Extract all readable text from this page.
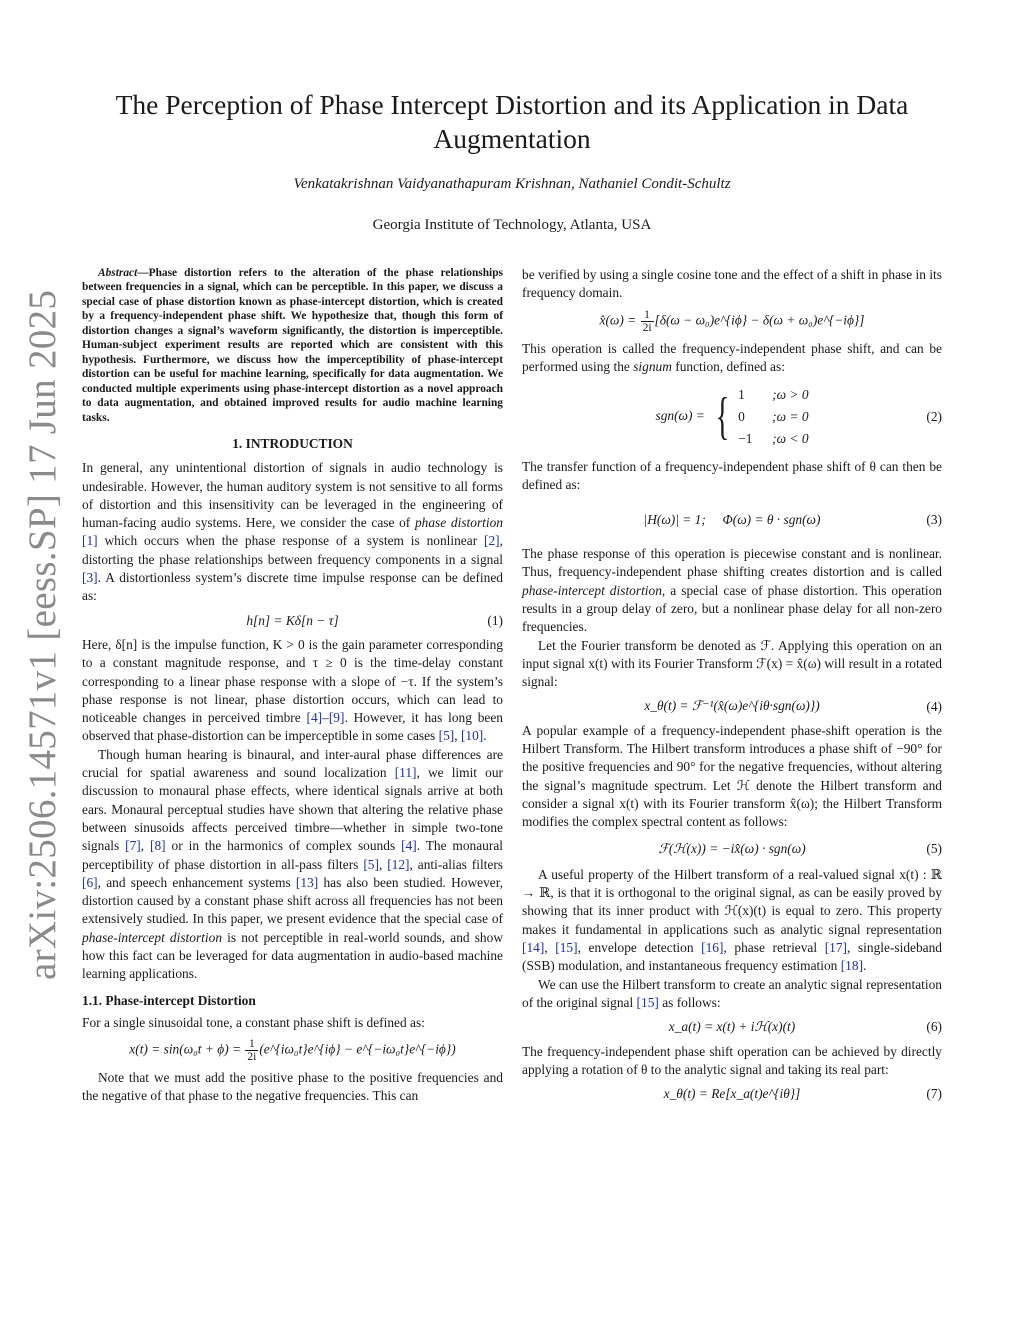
arXiv:2506.14571v1 [eess.SP] 17 Jun 2025
The Perception of Phase Intercept Distortion and its Application in Data Augmentation
Venkatakrishnan Vaidyanathapuram Krishnan, Nathaniel Condit-Schultz
Georgia Institute of Technology, Atlanta, USA

Abstract—Phase distortion refers to the alteration of the phase relationships between frequencies in a signal, which can be perceptible. In this paper, we discuss a special case of phase distortion known as phase-intercept distortion, which is created by a frequency-independent phase shift. We hypothesize that, though this form of distortion changes a signal’s waveform significantly, the distortion is imperceptible. Human-subject experiment results are reported which are consistent with this hypothesis. Furthermore, we discuss how the imperceptibility of phase-intercept distortion can be useful for machine learning, specifically for data augmentation. We conducted multiple experiments using phase-intercept distortion as a novel approach to data augmentation, and obtained improved results for audio machine learning tasks.

1. INTRODUCTION

In general, any unintentional distortion of signals in audio technology is undesirable. However, the human auditory system is not sensitive to all forms of distortion and this insensitivity can be leveraged in the engineering of human-facing audio systems. Here, we consider the case of phase distortion [1] which occurs when the phase response of a system is nonlinear [2], distorting the phase relationships between frequency components in a signal [3]. A distortionless system’s discrete time impulse response can be defined as:

h[n] = Kδ[n − τ]	(1)

Here, δ[n] is the impulse function, K > 0 is the gain parameter corresponding to a constant magnitude response, and τ ≥ 0 is the time-delay constant corresponding to a linear phase response with a slope of −τ. If the system’s phase response is not linear, phase distortion occurs, which can lead to noticeable changes in perceived timbre [4]–[9]. However, it has long been observed that phase-distortion can be imperceptible in some cases [5], [10].

Though human hearing is binaural, and inter-aural phase differences are crucial for spatial awareness and sound localization [11], we limit our discussion to monaural phase effects, where identical signals arrive at both ears. Monaural perceptual studies have shown that altering the relative phase between sinusoids affects perceived timbre—whether in simple two-tone signals [7], [8] or in the harmonics of complex sounds [4]. The monaural perceptibility of phase distortion in all-pass filters [5], [12], anti-alias filters [6], and speech enhancement systems [13] has also been studied. However, distortion caused by a constant phase shift across all frequencies has not been extensively studied. In this paper, we present evidence that the special case of phase-intercept distortion is not perceptible in real-world sounds, and show how this fact can be leveraged for data augmentation in audio-based machine learning applications.

1.1. Phase-intercept Distortion

For a single sinusoidal tone, a constant phase shift is defined as:

$x(t) = \sin(\omega_0t + \phi) = \frac{1}{2i}$ (e^{iω₀t}e^{iϕ} − e^{−iω₀t}e^{−iϕ})

Note that we must add the positive phase to the positive frequencies and the negative of that phase to the negative frequencies. This can

be verified by using a single cosine tone and the effect of a shift in phase in its frequency domain.

x̂(ω) = $\frac{1}{2i} [\delta(\omega$ − ω₀)e^{iϕ} − δ(ω + ω₀)e^{−iϕ}]

This operation is called the frequency-independent phase shift, and can be performed using the signum function, defined as:

sgn(ω) = { 1 ;ω > 0
0 ;ω = 0
−1 ;ω < 0
(2)

The transfer function of a frequency-independent phase shift of θ can then be defined as:

|H(ω)| = 1;     Φ(ω) = θ · sgn(ω)	(3)

The phase response of this operation is piecewise constant and is nonlinear. Thus, frequency-independent phase shifting creates distortion and is called phase-intercept distortion, a special case of phase distortion. This operation results in a group delay of zero, but a nonlinear phase delay for all non-zero frequencies.

Let the Fourier transform be denoted as ℱ. Applying this operation on an input signal x(t) with its Fourier Transform ℱ(x) = x̂(ω) will result in a rotated signal:

x_θ(t) = ℱ⁻¹(x̂(ω)e^{iθ·sgn(ω)})	(4)

A popular example of a frequency-independent phase-shift operation is the Hilbert Transform. The Hilbert transform introduces a phase shift of −90° for the positive frequencies and 90° for the negative frequencies, without altering the signal’s magnitude spectrum. Let ℋ denote the Hilbert transform and consider a signal x(t) with its Fourier transform x̂(ω); the Hilbert Transform modifies the complex spectral content as follows:

ℱ(ℋ(x)) = −ix̂(ω) · sgn(ω)	(5)

A useful property of the Hilbert transform of a real-valued signal x(t) : ℝ → ℝ, is that it is orthogonal to the original signal, as can be easily proved by showing that its inner product with ℋ(x)(t) is equal to zero. This property makes it fundamental in applications such as analytic signal representation [14], [15], envelope detection [16], phase retrieval [17], single-sideband (SSB) modulation, and instantaneous frequency estimation [18].

We can use the Hilbert transform to create an analytic signal representation of the original signal [15] as follows:

x_a(t) = x(t) + iℋ(x)(t)	(6)

The frequency-independent phase shift operation can be achieved by directly applying a rotation of θ to the analytic signal and taking its real part:

x_θ(t) = Re[x_a(t)e^{iθ}]	(7)
